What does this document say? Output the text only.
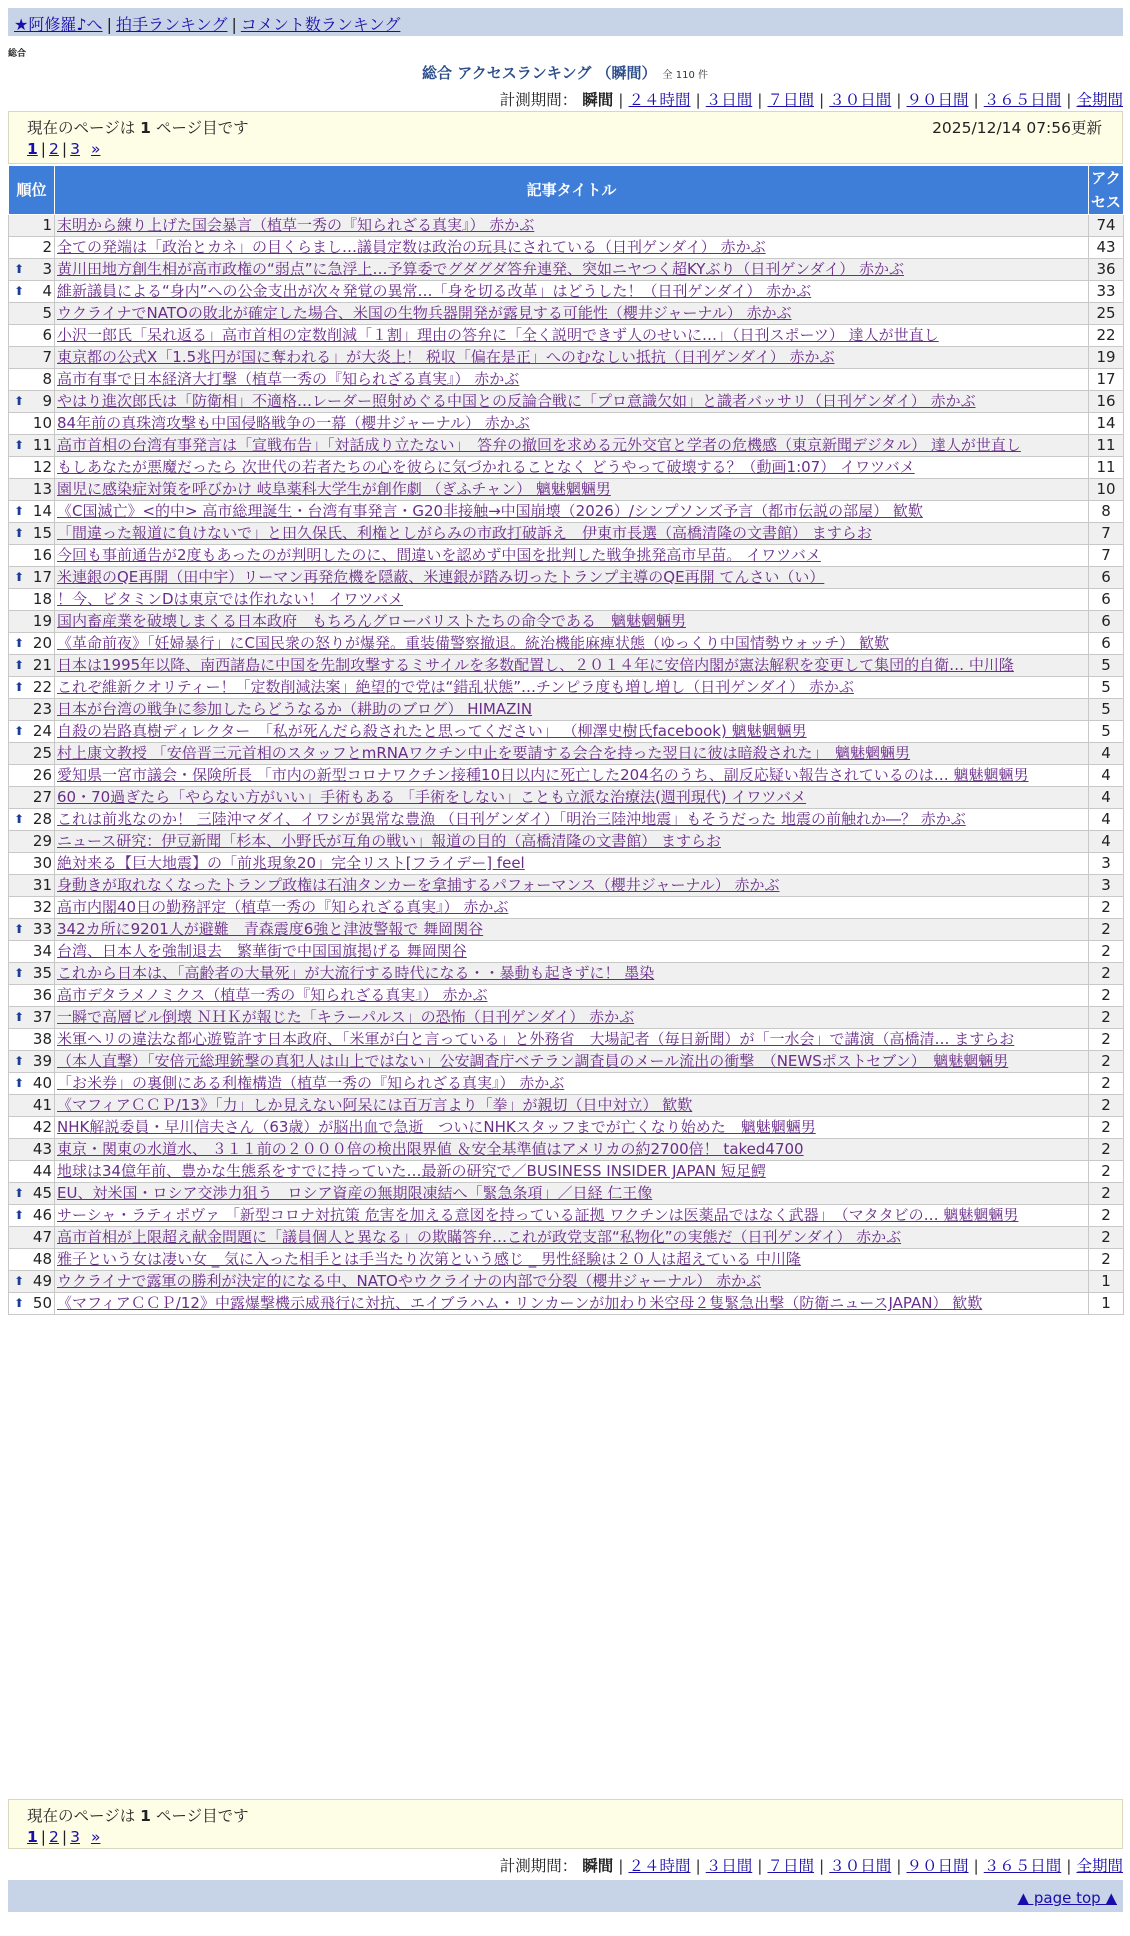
★阿修羅♪へ | 拍手ランキング | コメント数ランキング
総合
総合 アクセスランキング （瞬間） 全 110 件
計測期間： 瞬間 | ２４時間 | ３日間 | ７日間 | ３０日間 | ９０日間 | ３６５日間 | 全期間
現在のページは 1 ページ目です	2025/12/14 07:56更新
1 | 2 | 3 »
順位	記事タイトル	アクセス
1	末明から練り上げた国会暴言（植草一秀の『知られざる真実』） 赤かぶ	74
2	全ての発端は「政治とカネ」の目くらまし…議員定数は政治の玩具にされている（日刊ゲンダイ） 赤かぶ	43

⬆ 3	黄川田地方創生相が高市政権の“弱点”に急浮上…予算委でグダグダ答弁連発、突如ニヤつく超KYぶり（日刊ゲンダイ） 赤かぶ	36

⬆ 4	維新議員による“身内”への公金支出が次々発覚の異常…「身を切る改革」はどうした！（日刊ゲンダイ） 赤かぶ	33
5	ウクライナでNATOの敗北が確定した場合、米国の生物兵器開発が露見する可能性（櫻井ジャーナル） 赤かぶ	25
6	小沢一郎氏「呆れ返る」高市首相の定数削減「１割」理由の答弁に「全く説明できず人のせいに…」（日刊スポーツ） 達人が世直し	22
7	東京都の公式X「1.5兆円が国に奪われる」が大炎上！ 税収「偏在是正」へのむなしい抵抗（日刊ゲンダイ） 赤かぶ	19
8	高市有事で日本経済大打撃（植草一秀の『知られざる真実』） 赤かぶ	17

⬆ 9	やはり進次郎氏は「防衛相」不適格…レーダー照射めぐる中国との反論合戦に「プロ意識欠如」と識者バッサリ（日刊ゲンダイ） 赤かぶ	16
10	84年前の真珠湾攻撃も中国侵略戦争の一幕（櫻井ジャーナル） 赤かぶ	14

⬆ 11	高市首相の台湾有事発言は「宣戦布告」「対話成り立たない」　答弁の撤回を求める元外交官と学者の危機感（東京新聞デジタル） 達人が世直し	11
12	もしあなたが悪魔だったら 次世代の若者たちの心を彼らに気づかれることなく どうやって破壊する？（動画1:07） イワツバメ	11
13	園児に感染症対策を呼びかけ 岐阜薬科大学生が創作劇 （ぎふチャン） 魑魅魍魎男	10

⬆ 14	《C国滅亡》<的中> 高市総理誕生・台湾有事発言・G20非接触→中国崩壊（2026）/シンプソンズ予言（都市伝説の部屋） 歓歎	8

⬆ 15	「間違った報道に負けないで」と田久保氏、利権としがらみの市政打破訴え　伊東市長選（高橋清隆の文書館） ますらお	7
16	今回も事前通告が2度もあったのが判明したのに、間違いを認めず中国を批判した戦争挑発高市早苗。 イワツバメ	7

⬆ 17	米連銀のQE再開（田中宇）リーマン再発危機を隠蔽、米連銀が踏み切ったトランプ主導のQE再開 てんさい（い）	6
18	！今、ビタミンDは東京では作れない！ イワツバメ	6
19	国内畜産業を破壊しまくる日本政府　もちろんグローバリストたちの命令である　魑魅魍魎男	6

⬆ 20	《革命前夜》「妊婦暴行」にC国民衆の怒りが爆発。重装備警察撤退。統治機能麻痺状態（ゆっくり中国情勢ウォッチ） 歓歎	6

⬆ 21	日本は1995年以降、南西諸島に中国を先制攻撃するミサイルを多数配置し、２０１４年に安倍内閣が憲法解釈を変更して集団的自衛… 中川隆	5

⬆ 22	これぞ維新クオリティー！「定数削減法案」絶望的で党は“錯乱状態”…チンピラ度も増し増し（日刊ゲンダイ） 赤かぶ	5
23	日本が台湾の戦争に参加したらどうなるか（耕助のブログ） HIMAZIN	5

⬆ 24	自殺の岩路真樹ディレクター　「私が死んだら殺されたと思ってください」 （柳澤史樹氏facebook) 魑魅魍魎男	5
25	村上康文教授 「安倍晋三元首相のスタッフとmRNAワクチン中止を要請する会合を持った翌日に彼は暗殺された」　魑魅魍魎男	4
26	愛知県一宮市議会・保険所長 「市内の新型コロナワクチン接種10日以内に死亡した204名のうち、副反応疑い報告されているのは… 魑魅魍魎男	4
27	60・70過ぎたら「やらない方がいい」手術もある 「手術をしない」ことも立派な治療法(週刊現代) イワツバメ	4

⬆ 28	これは前兆なのか！ 三陸沖マダイ、イワシが異常な豊漁 （日刊ゲンダイ）「明治三陸沖地震」もそうだった 地震の前触れか―？ 赤かぶ	4
29	ニュース研究：伊豆新聞「杉本、小野氏が互角の戦い」報道の目的（高橋清隆の文書館） ますらお	4
30	絶対来る【巨大地震】の「前兆現象20」完全リスト[フライデー] feel	3
31	身動きが取れなくなったトランプ政権は石油タンカーを拿捕するパフォーマンス（櫻井ジャーナル） 赤かぶ	3
32	高市内閣40日の勤務評定（植草一秀の『知られざる真実』） 赤かぶ	2

⬆ 33	342カ所に9201人が避難　青森震度6強と津波警報で 舞岡関谷	2
34	台湾、日本人を強制退去　繁華街で中国国旗掲げる 舞岡関谷	2

⬆ 35	これから日本は、「高齢者の大量死」が大流行する時代になる・・暴動も起きずに！ 墨染	2
36	高市デタラメノミクス（植草一秀の『知られざる真実』） 赤かぶ	2

⬆ 37	一瞬で高層ビル倒壊 ＮＨＫが報じた「キラーパルス」の恐怖（日刊ゲンダイ） 赤かぶ	2
38	米軍ヘリの違法な都心遊覧許す日本政府、「米軍が白と言っている」と外務省　大場記者（毎日新聞）が「一水会」で講演（高橋清… ますらお	2

⬆ 39	（本人直撃）「安倍元総理銃撃の真犯人は山上ではない」公安調査庁ベテラン調査員のメール流出の衝撃　（NEWSポストセブン）　魑魅魍魎男	2

⬆ 40	「お米券」の裏側にある利権構造（植草一秀の『知られざる真実』） 赤かぶ	2
41	《マフィアＣＣＰ/13》「力」しか見えない阿呆には百万言より「拳」が親切（日中対立） 歓歎	2
42	NHK解説委員・早川信夫さん（63歳）が脳出血で急逝　ついにNHKスタッフまでが亡くなり始めた　魑魅魍魎男	2
43	東京・関東の水道水、 ３１１前の２０００倍の検出限界値 ＆安全基準値はアメリカの約2700倍！ taked4700	2
44	地球は34億年前、豊かな生態系をすでに持っていた…最新の研究で／BUSINESS INSIDER JAPAN 短足鰐	2

⬆ 45	EU、対米国・ロシア交渉力狙う　ロシア資産の無期限凍結へ「緊急条項」／日経 仁王像	2

⬆ 46	サーシャ・ラティポヴァ 「新型コロナ対抗策 危害を加える意図を持っている証拠 ワクチンは医薬品ではなく武器」　（マタタビの… 魑魅魍魎男	2
47	高市首相が上限超え献金問題に「議員個人と異なる」の欺瞞答弁…これが政党支部“私物化”の実態だ（日刊ゲンダイ） 赤かぶ	2
48	雅子という女は凄い女 _ 気に入った相手とは手当たり次第という感じ _ 男性経験は２０人は超えている 中川隆	2

⬆ 49	ウクライナで露軍の勝利が決定的になる中、NATOやウクライナの内部で分裂（櫻井ジャーナル） 赤かぶ	1

⬆ 50	《マフィアＣＣＰ/12》中露爆撃機示威飛行に対抗、エイブラハム・リンカーンが加わり米空母２隻緊急出撃（防衛ニュースJAPAN） 歓歎	1
現在のページは 1 ページ目です
1 | 2 | 3 »
計測期間： 瞬間 | ２４時間 | ３日間 | ７日間 | ３０日間 | ９０日間 | ３６５日間 | 全期間
▲ page top ▲
